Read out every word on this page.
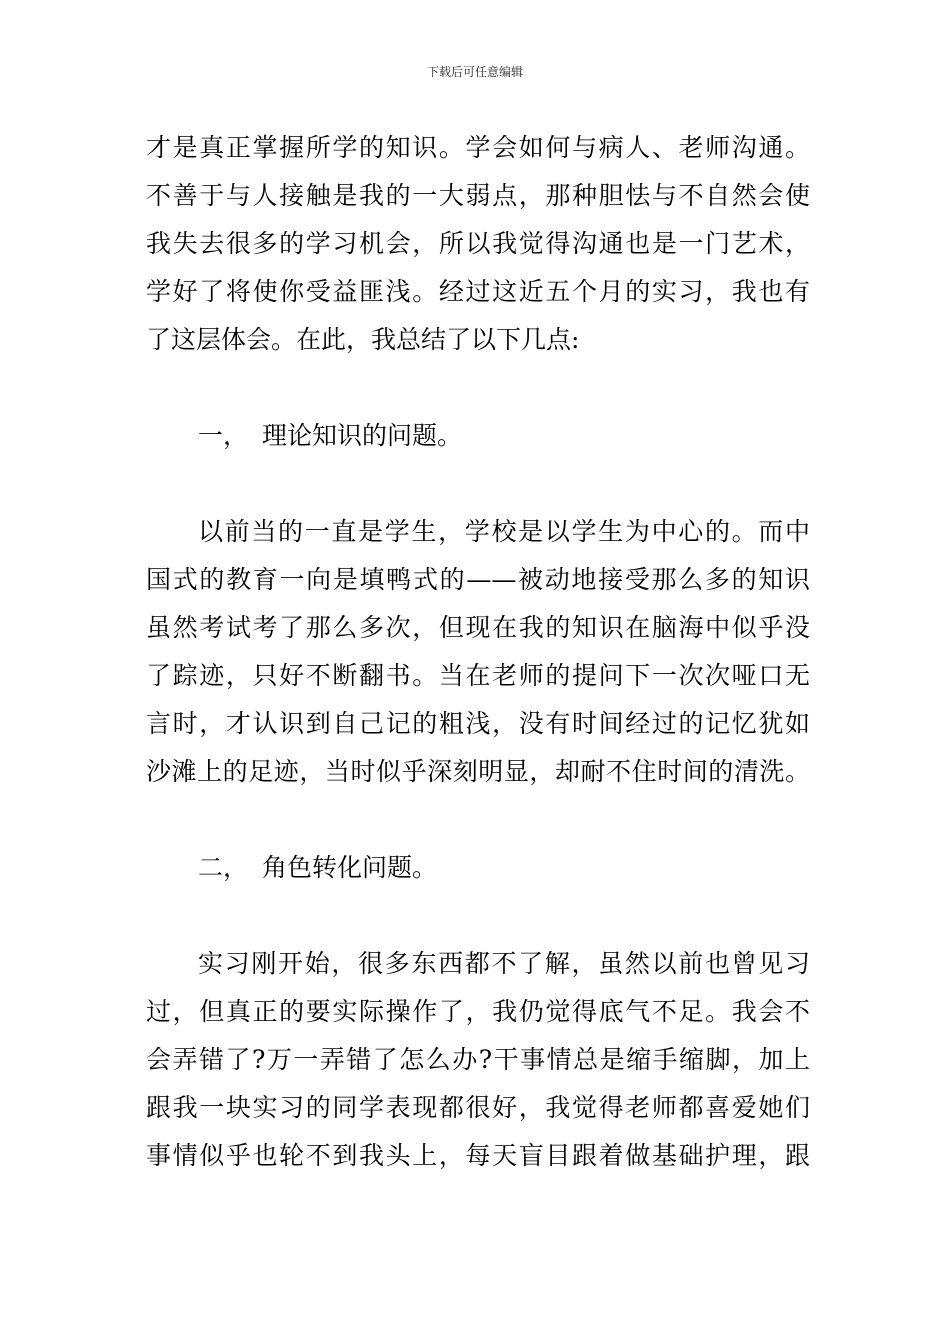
下载后可任意编辑
才是真正掌握所学的知识。学会如何与病人、老师沟通。
不善于与人接触是我的一大弱点，那种胆怯与不自然会使
我失去很多的学习机会，所以我觉得沟通也是一门艺术，
学好了将使你受益匪浅。经过这近五个月的实习，我也有
了这层体会。在此，我总结了以下几点:
一， 理论知识的问题。
以前当的一直是学生，学校是以学生为中心的。而中
国式的教育一向是填鸭式的——被动地接受那么多的知识
虽然考试考了那么多次，但现在我的知识在脑海中似乎没
了踪迹，只好不断翻书。当在老师的提问下一次次哑口无
言时，才认识到自己记的粗浅，没有时间经过的记忆犹如
沙滩上的足迹，当时似乎深刻明显，却耐不住时间的清洗。
二， 角色转化问题。
实习刚开始，很多东西都不了解，虽然以前也曾见习
过，但真正的要实际操作了，我仍觉得底气不足。我会不
会弄错了?万一弄错了怎么办?干事情总是缩手缩脚，加上
跟我一块实习的同学表现都很好，我觉得老师都喜爱她们
事情似乎也轮不到我头上，每天盲目跟着做基础护理，跟
